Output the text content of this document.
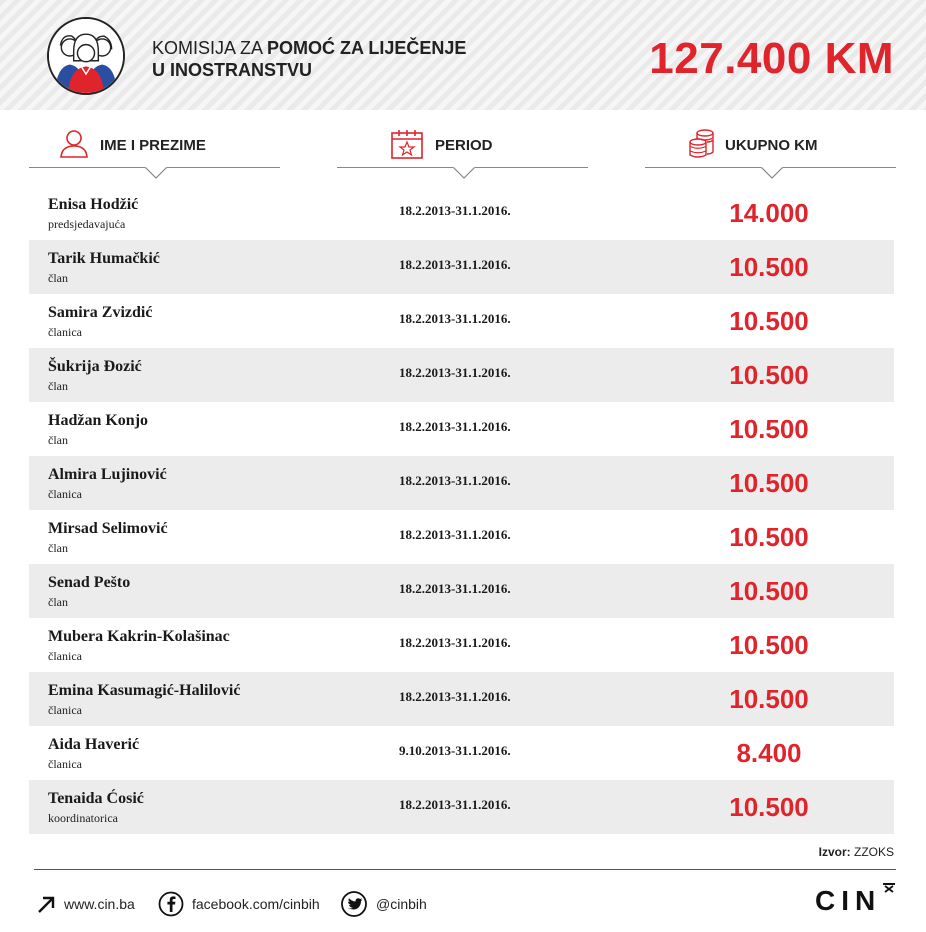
KOMISIJA ZA POMOĆ ZA LIJEČENJE
U INOSTRANSTVU	127.400 KM
IME I PREZIME	PERIOD	UKUPNO KM
Enisa Hodžić
predsjedavajuća
18.2.2013-31.1.2016.	14.000
Tarik Humačkić
član
18.2.2013-31.1.2016.	10.500
Samira Zvizdić
članica
18.2.2013-31.1.2016.	10.500
Šukrija Đozić
član
18.2.2013-31.1.2016.	10.500
Hadžan Konjo
član
18.2.2013-31.1.2016.	10.500
Almira Lujinović
članica
18.2.2013-31.1.2016.	10.500
Mirsad Selimović
član
18.2.2013-31.1.2016.	10.500
Senad Pešto
član
18.2.2013-31.1.2016.	10.500
Mubera Kakrin-Kolašinac
članica
18.2.2013-31.1.2016.	10.500
Emina Kasumagić-Halilović
članica
18.2.2013-31.1.2016.	10.500
Aida Haverić
članica
9.10.2013-31.1.2016.	8.400
Tenaida Ćosić
koordinatorica
18.2.2013-31.1.2016.	10.500
Izvor: ZZOKS
www.cin.ba	facebook.com/cinbih	@cinbih	CIN
